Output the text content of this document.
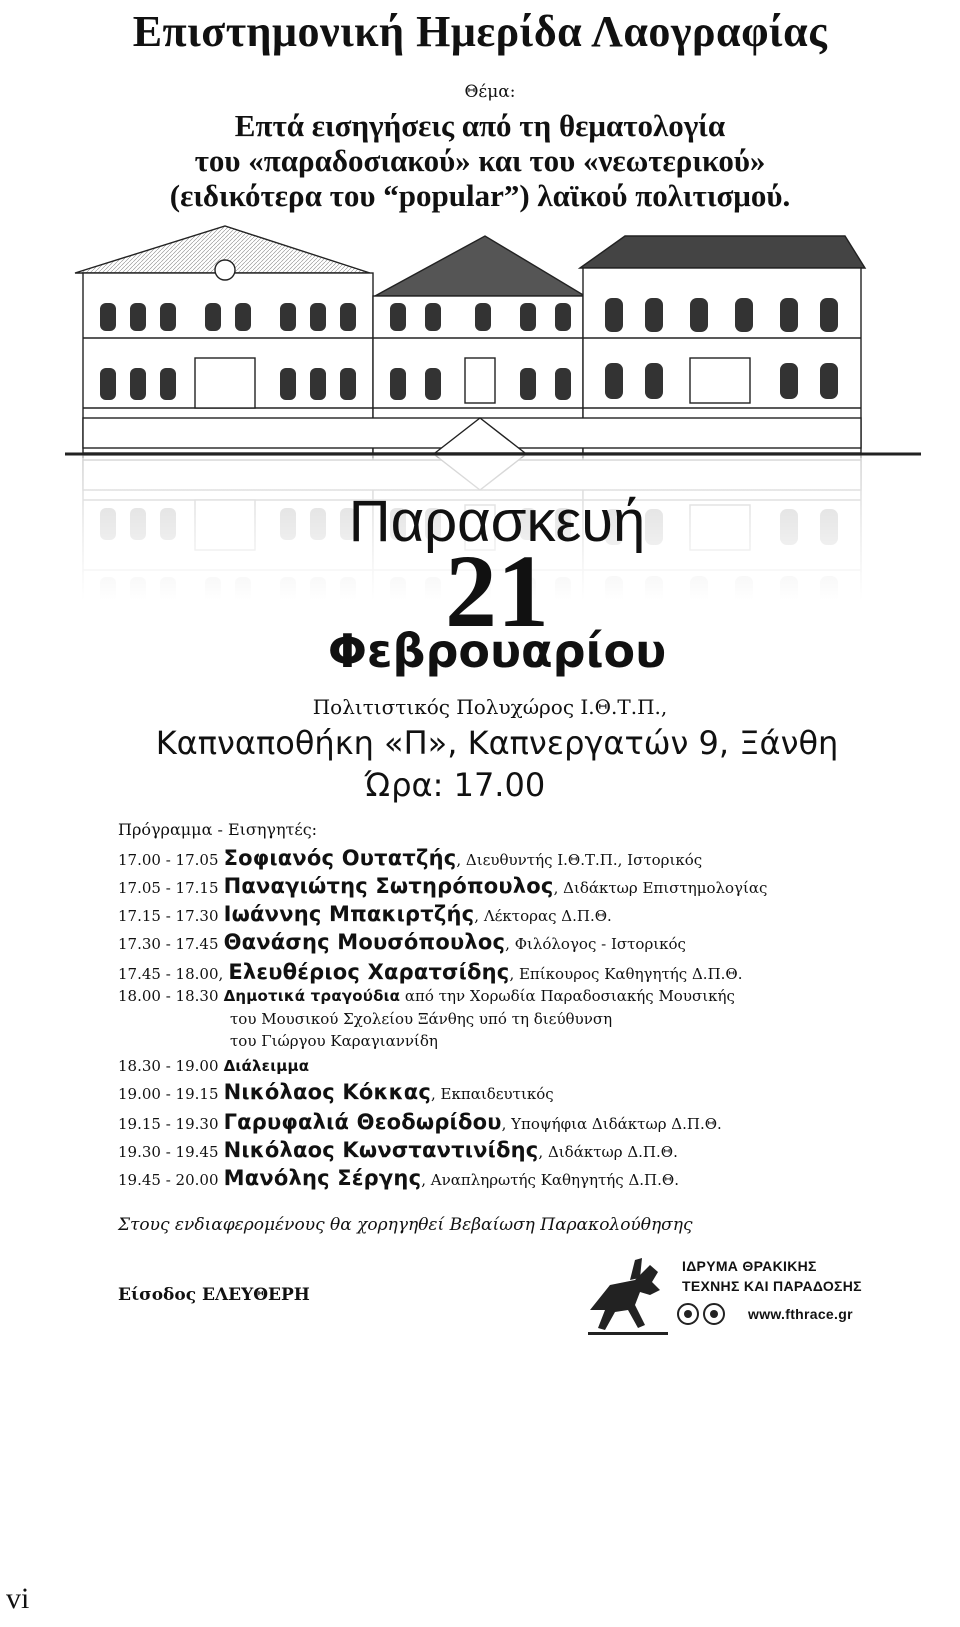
Επιστημονική Ημερίδα Λαογραφίας
Θέμα:
Επτά εισηγήσεις από τη θεματολογία
του «παραδοσιακού» και του «νεωτερικού»
(ειδικότερα του “popular”) λαϊκού πολιτισμού.
Παρασκευή
21
Φεβρουαρίου
Πολιτιστικός Πολυχώρος Ι.Θ.Τ.Π.,
Καπναποθήκη «Π», Καπνεργατών 9, Ξάνθη
Ώρα: 17.00
Πρόγραμμα - Εισηγητές:
17.00 - 17.05 Σοφιανός Ουτατζής, Διευθυντής Ι.Θ.Τ.Π., Ιστορικός
17.05 - 17.15 Παναγιώτης Σωτηρόπουλος, Διδάκτωρ Επιστημολογίας
17.15 - 17.30 Ιωάννης Μπακιρτζής, Λέκτορας Δ.Π.Θ.
17.30 - 17.45 Θανάσης Μουσόπουλος, Φιλόλογος - Ιστορικός
17.45 - 18.00, Ελευθέριος Χαρατσίδης, Επίκουρος Καθηγητής Δ.Π.Θ.
18.00 - 18.30 Δημοτικά τραγούδια από την Χορωδία Παραδοσιακής Μουσικής
του Μουσικού Σχολείου Ξάνθης υπό τη διεύθυνση
του Γιώργου Καραγιαννίδη
18.30 - 19.00 Διάλειμμα
19.00 - 19.15 Νικόλαος Κόκκας, Εκπαιδευτικός
19.15 - 19.30 Γαρυφαλιά Θεοδωρίδου, Υποψήφια Διδάκτωρ Δ.Π.Θ.
19.30 - 19.45 Νικόλαος Κωνσταντινίδης, Διδάκτωρ Δ.Π.Θ.
19.45 - 20.00 Μανόλης Σέργης, Αναπληρωτής Καθηγητής Δ.Π.Θ.
Στους ενδιαφερομένους θα χορηγηθεί Βεβαίωση Παρακολούθησης
Είσοδος ΕΛΕΥΘΕΡΗ
ΙΔΡΥΜΑ ΘΡΑΚΙΚΗΣ
ΤΕΧΝΗΣ ΚΑΙ ΠΑΡΑΔΟΣΗΣ
www.fthrace.gr
vi
